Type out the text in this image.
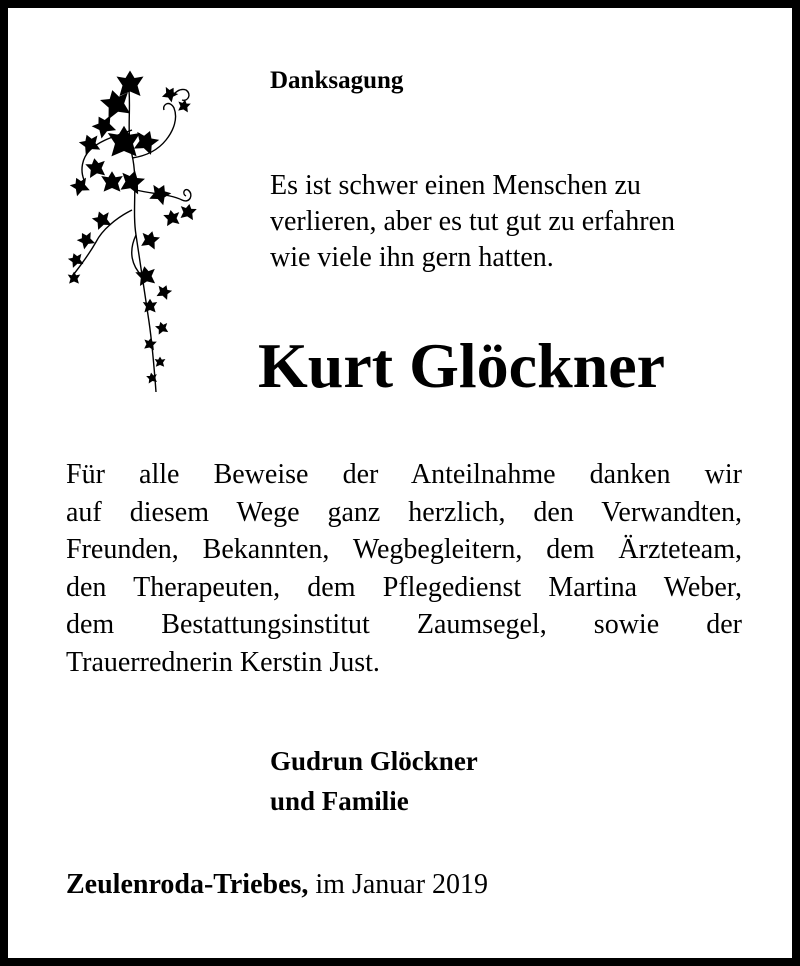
Danksagung
Es ist schwer einen Menschen zu
verlieren, aber es tut gut zu erfahren
wie viele ihn gern hatten.
Kurt Glöckner
Für alle Beweise der Anteilnahme danken wir
auf diesem Wege ganz herzlich, den Verwandten,
Freunden, Bekannten, Wegbegleitern, dem Ärzteteam,
den Therapeuten, dem Pflegedienst Martina Weber,
dem Bestattungsinstitut Zaumsegel, sowie der
Trauerrednerin Kerstin Just.
Gudrun Glöckner
und Familie
Zeulenroda-Triebes, im Januar 2019
